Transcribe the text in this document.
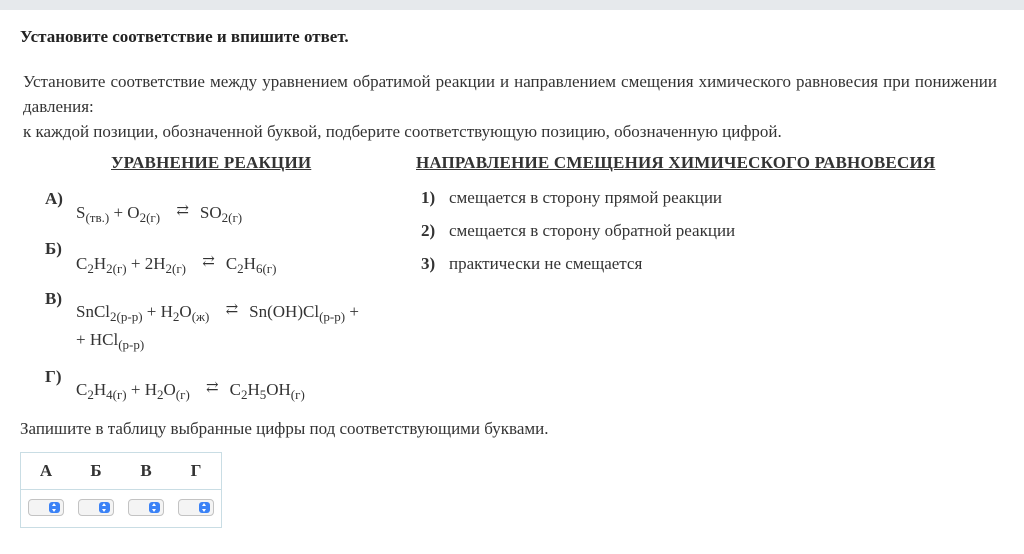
Установите соответствие и впишите ответ.

Установите соответствие между уравнением обратимой реакции и направлением смещения химического равновесия при понижении давления:

к каждой позиции, обозначенной буквой, подберите соответствующую позицию, обозначенную цифрой.

УРАВНЕНИЕ РЕАКЦИИ	НАПРАВЛЕНИЕ СМЕЩЕНИЯ ХИМИЧЕСКОГО РАВНОВЕСИЯ
А)
$S_{(тв.)} + O_{2(г)}$ ⇄ $SO_{2(г)}$
Б)
$C_2H_{2(г)} + 2H_{2(г)}$ ⇄ $C_2H_{6(г)}$
В)
SnCl$_{2(р-р)}$ + $H_2O_{(ж)}$ ⇄ $Sn(OH)Cl_{(р-р)}$ +
+ HCl$_{(р-р)}$
Г)
$C_2H_{4(г)} + H_2O_{(г)}$ ⇄ $C_2H_5OH_{(г)}$
1) смещается в сторону прямой реакции
2) смещается в сторону обратной реакции
3) практически не смещается
Запишите в таблицу выбранные цифры под соответствующими буквами.
А	Б	В	Г
